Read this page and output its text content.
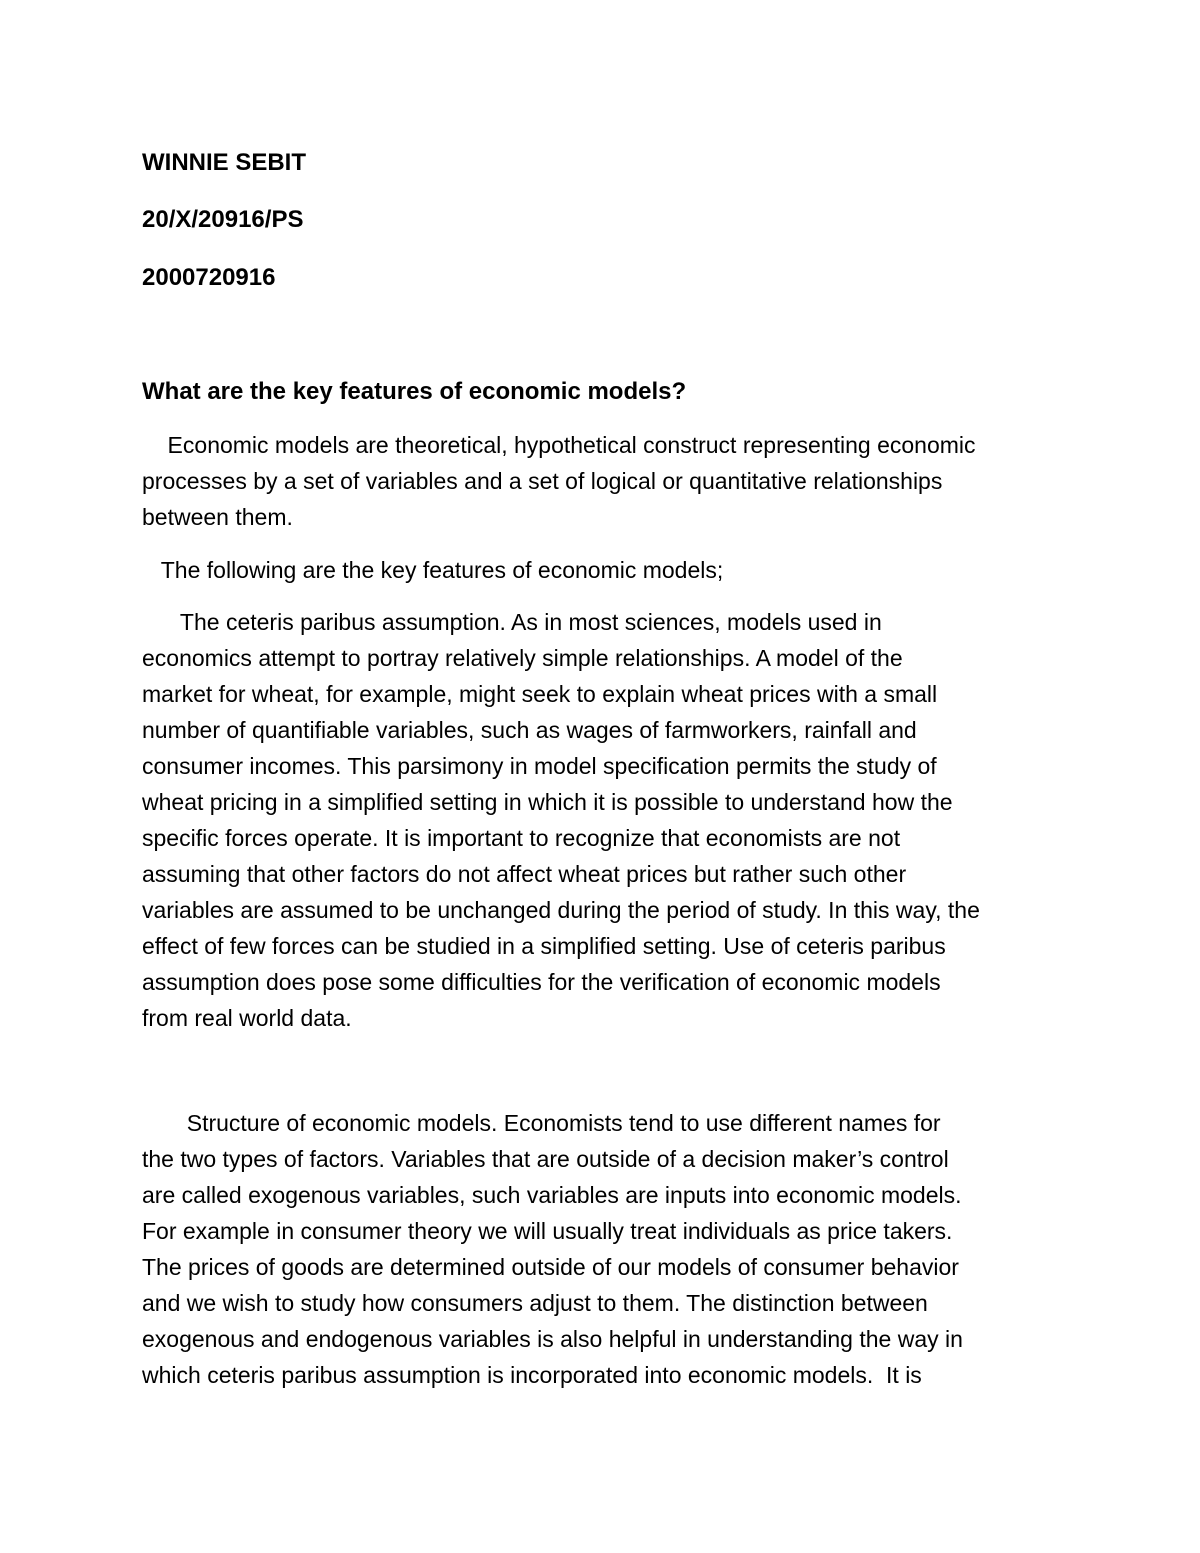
WINNIE SEBIT

20/X/20916/PS

2000720916

What are the key features of economic models?
Economic models are theoretical, hypothetical construct representing economic
processes by a set of variables and a set of logical or quantitative relationships
between them.
The following are the key features of economic models;
The ceteris paribus assumption. As in most sciences, models used in
economics attempt to portray relatively simple relationships. A model of the
market for wheat, for example, might seek to explain wheat prices with a small
number of quantifiable variables, such as wages of farmworkers, rainfall and
consumer incomes. This parsimony in model specification permits the study of
wheat pricing in a simplified setting in which it is possible to understand how the
specific forces operate. It is important to recognize that economists are not
assuming that other factors do not affect wheat prices but rather such other
variables are assumed to be unchanged during the period of study. In this way, the
effect of few forces can be studied in a simplified setting. Use of ceteris paribus
assumption does pose some difficulties for the verification of economic models
from real world data.
Structure of economic models. Economists tend to use different names for
the two types of factors. Variables that are outside of a decision maker’s control
are called exogenous variables, such variables are inputs into economic models.
For example in consumer theory we will usually treat individuals as price takers.
The prices of goods are determined outside of our models of consumer behavior
and we wish to study how consumers adjust to them. The distinction between
exogenous and endogenous variables is also helpful in understanding the way in
which ceteris paribus assumption is incorporated into economic models.  It is
